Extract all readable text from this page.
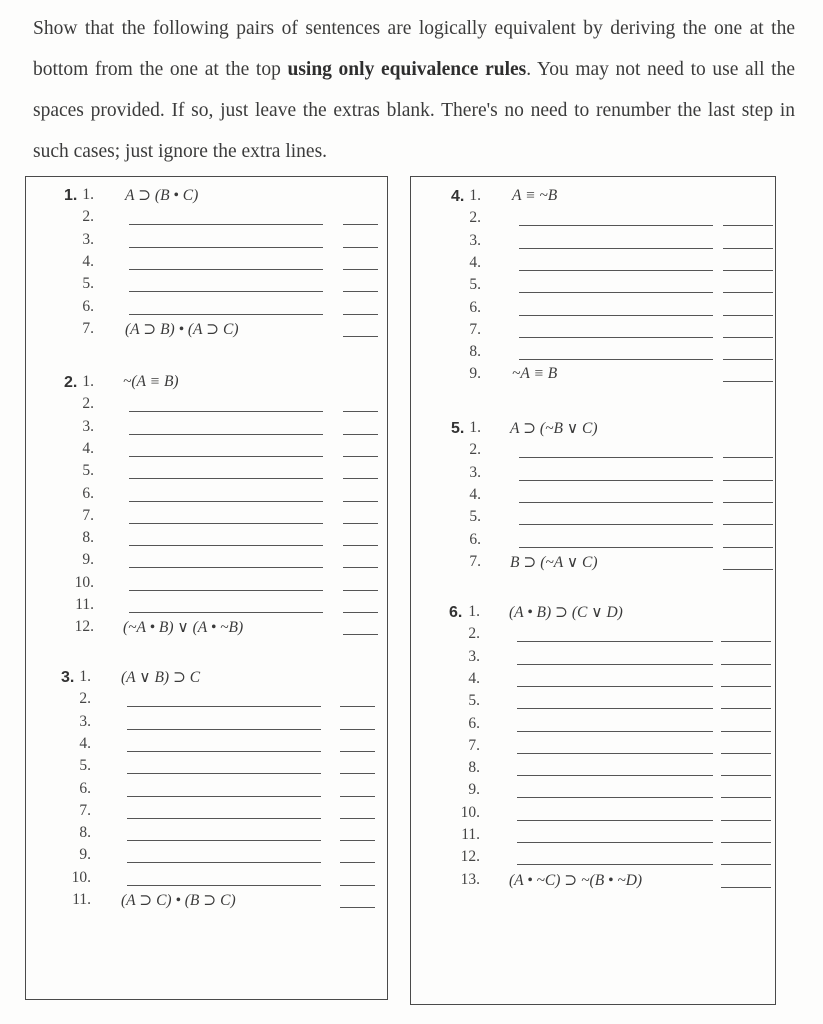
Show that the following pairs of sentences are logically equivalent by deriving the one at the bottom from the one at the top using only equivalence rules. You may not need to use all the spaces provided. If so, just leave the extras blank. There's no need to renumber the last step in such cases; just ignore the extra lines.
1. 1. A ⊃ (B • C)
2.
3.
4.
5.
6.
7. (A ⊃ B) • (A ⊃ C)
2. 1. ~(A ≡ B)
2.
3.
4.
5.
6.
7.
8.
9.
10.
11.
12. (~A • B) ∨ (A • ~B)
3. 1. (A ∨ B) ⊃ C
2.
3.
4.
5.
6.
7.
8.
9.
10.
11. (A ⊃ C) • (B ⊃ C)
4. 1. A ≡ ~B
2.
3.
4.
5.
6.
7.
8.
9. ~A ≡ B
5. 1. A ⊃ (~B ∨ C)
2.
3.
4.
5.
6.
7. B ⊃ (~A ∨ C)
6. 1. (A • B) ⊃ (C ∨ D)
2.
3.
4.
5.
6.
7.
8.
9.
10.
11.
12.
13. (A • ~C) ⊃ ~(B • ~D)
